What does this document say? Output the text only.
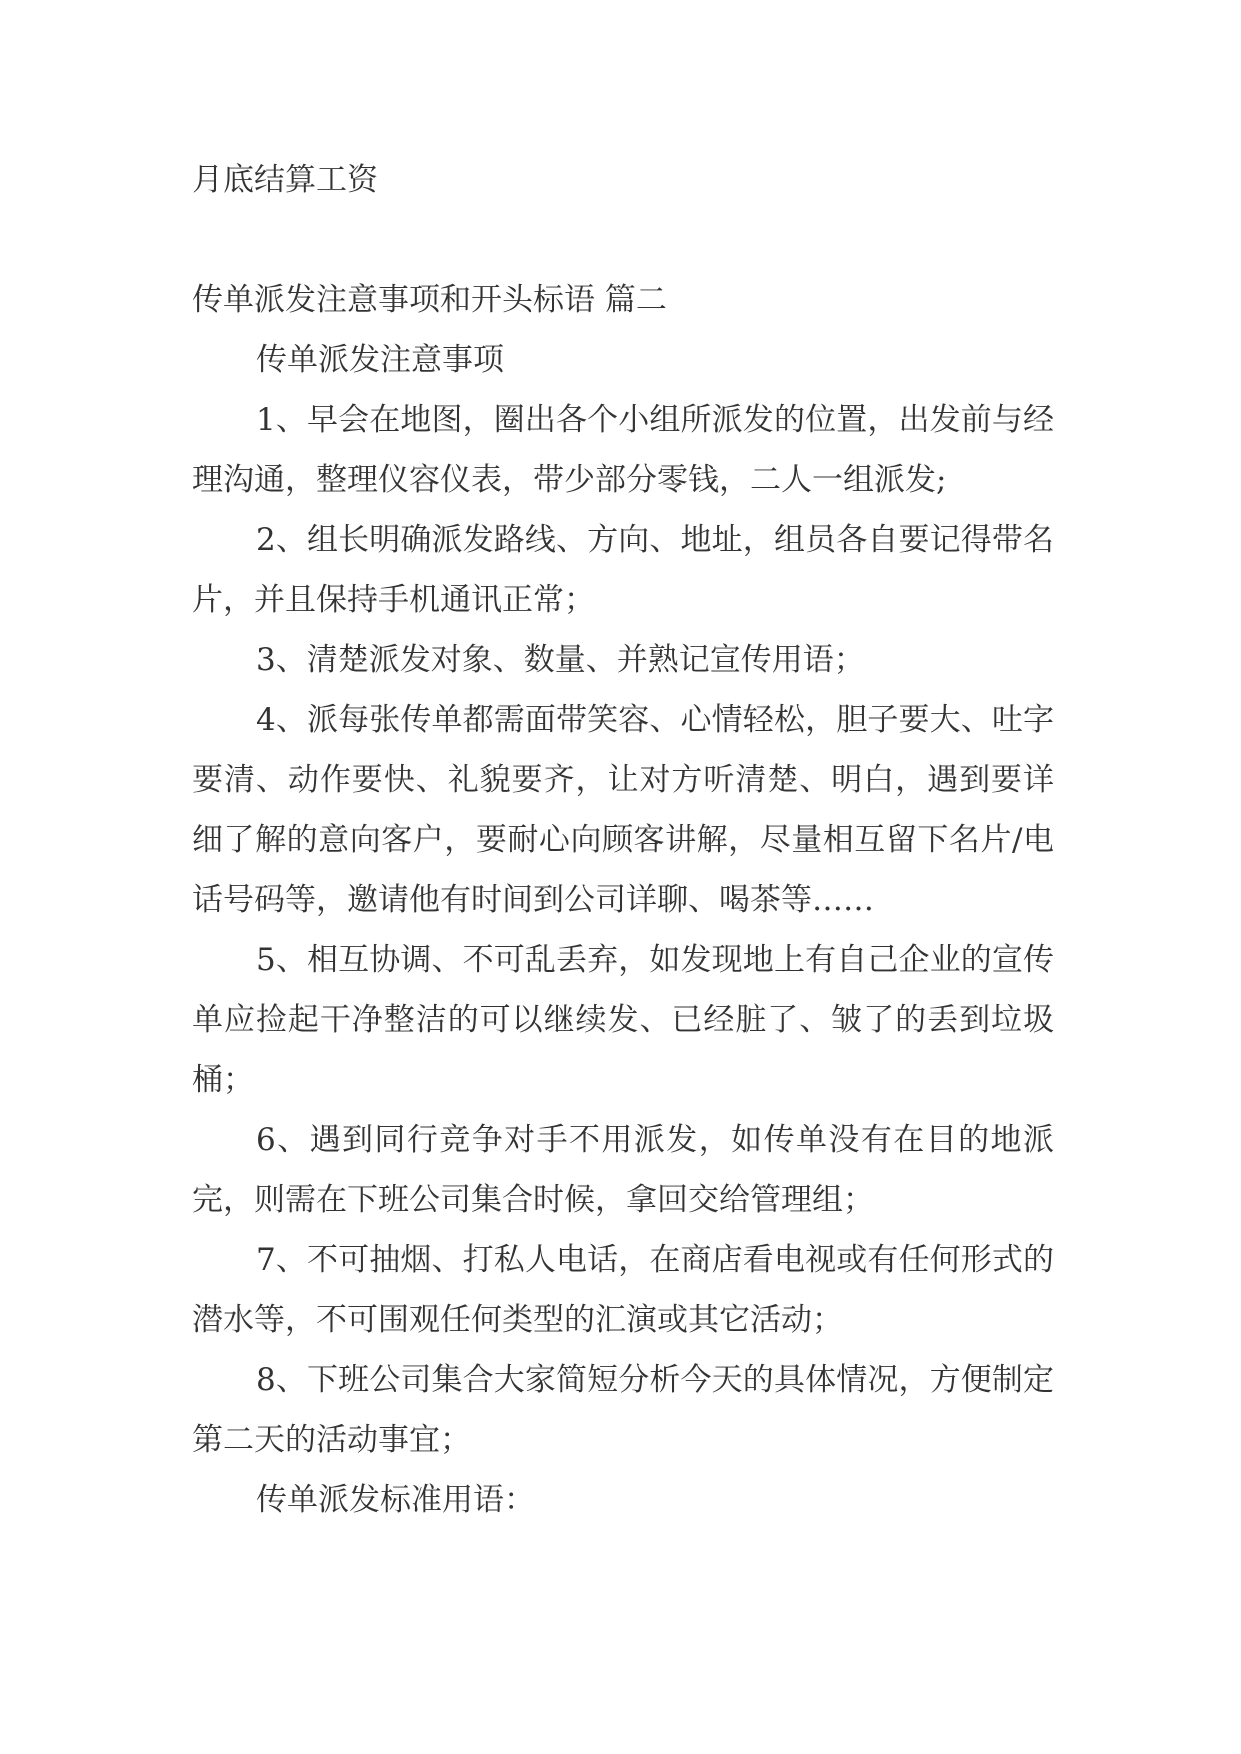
月底结算工资

传单派发注意事项和开头标语 篇二

传单派发注意事项

1、早会在地图，圈出各个小组所派发的位置，出发前与经理沟通，整理仪容仪表，带少部分零钱，二人一组派发;

2、组长明确派发路线、方向、地址，组员各自要记得带名片，并且保持手机通讯正常；

3、清楚派发对象、数量、并熟记宣传用语；

4、派每张传单都需面带笑容、心情轻松，胆子要大、吐字要清、动作要快、礼貌要齐，让对方听清楚、明白，遇到要详细了解的意向客户，要耐心向顾客讲解，尽量相互留下名片/电话号码等，邀请他有时间到公司详聊、喝茶等……

5、相互协调、不可乱丢弃，如发现地上有自己企业的宣传单应捡起干净整洁的可以继续发、已经脏了、皱了的丢到垃圾桶；

6、遇到同行竞争对手不用派发，如传单没有在目的地派完，则需在下班公司集合时候，拿回交给管理组；

7、不可抽烟、打私人电话，在商店看电视或有任何形式的潜水等，不可围观任何类型的汇演或其它活动；

8、下班公司集合大家简短分析今天的具体情况，方便制定第二天的活动事宜；

传单派发标准用语：
